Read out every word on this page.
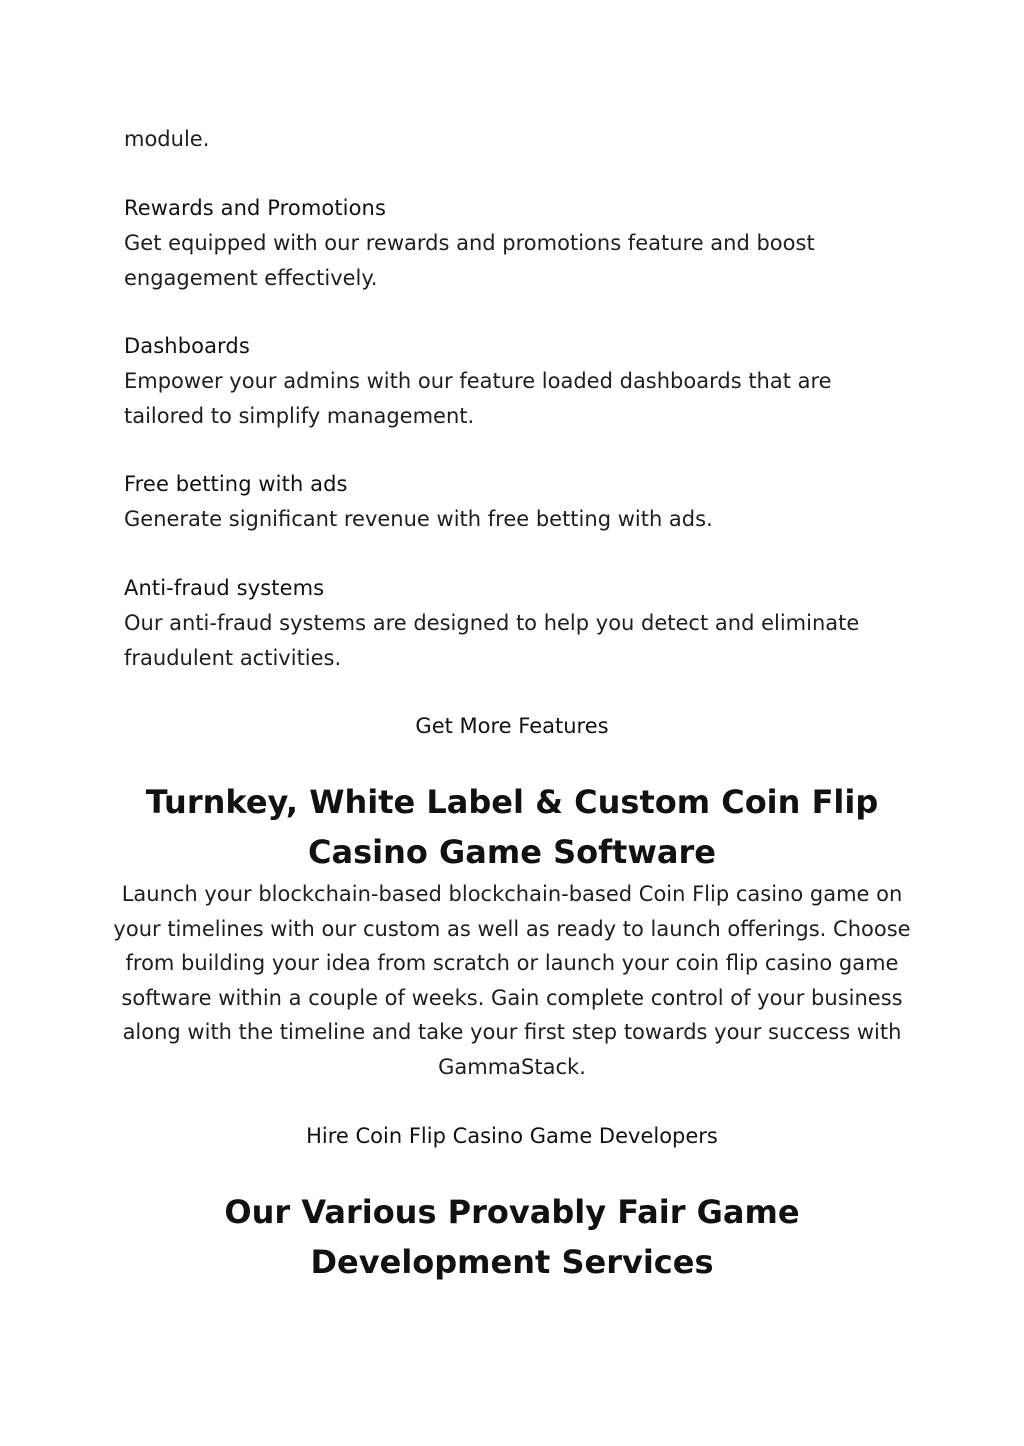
module.

Rewards and Promotions

Get equipped with our rewards and promotions feature and boost engagement effectively.

Dashboards

Empower your admins with our feature loaded dashboards that are tailored to simplify management.

Free betting with ads

Generate significant revenue with free betting with ads.

Anti-fraud systems

Our anti-fraud systems are designed to help you detect and eliminate fraudulent activities.

Get More Features

Turnkey, White Label & Custom Coin Flip Casino Game Software

Launch your blockchain-based blockchain-based Coin Flip casino game on your timelines with our custom as well as ready to launch offerings. Choose from building your idea from scratch or launch your coin flip casino game software within a couple of weeks. Gain complete control of your business along with the timeline and take your first step towards your success with GammaStack.

Hire Coin Flip Casino Game Developers

Our Various Provably Fair Game Development Services
